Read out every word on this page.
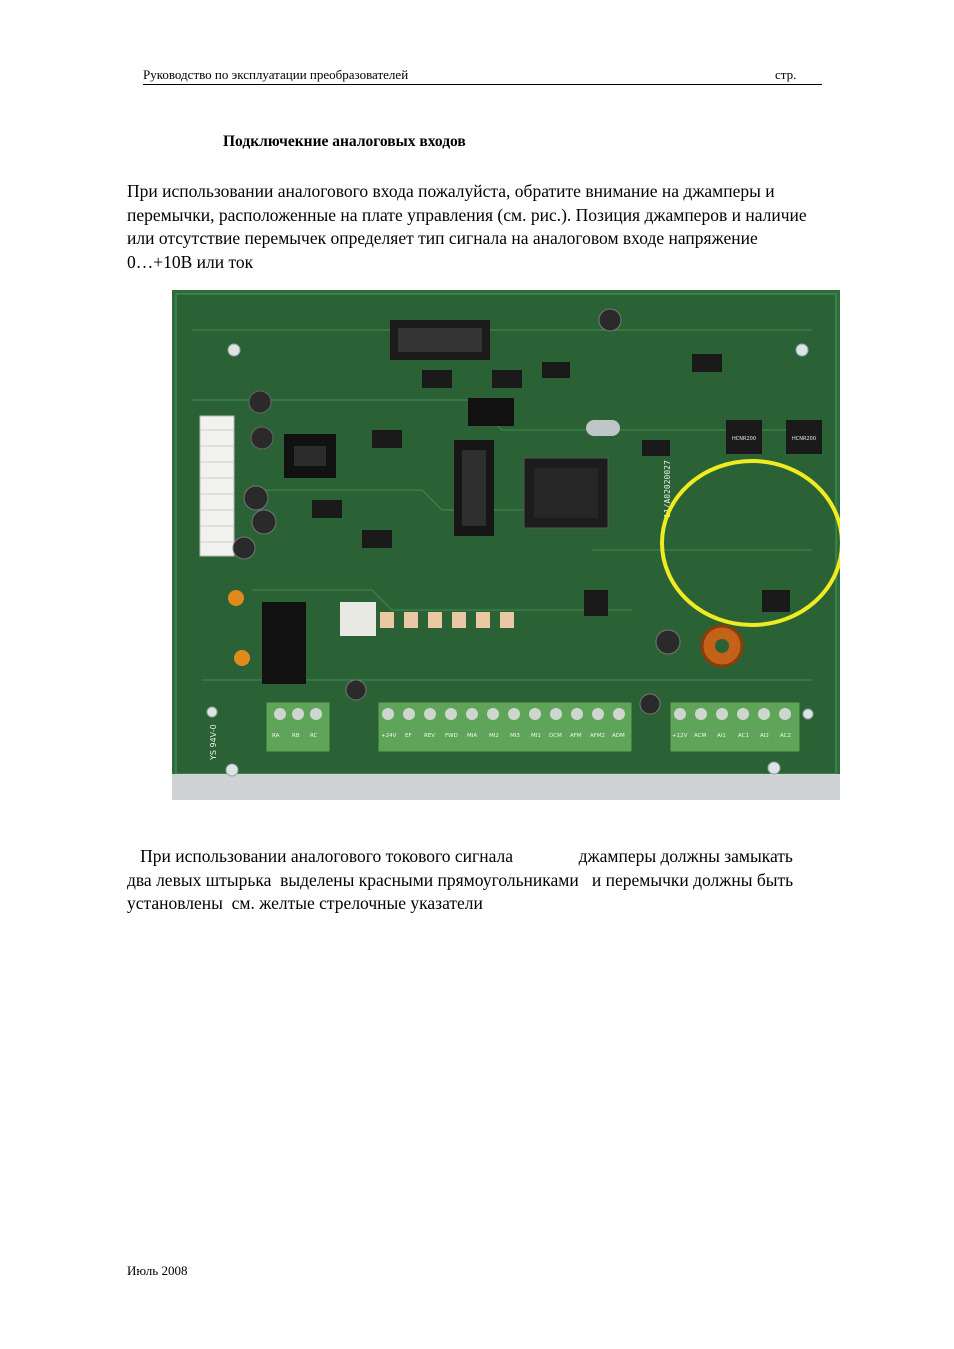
Руководство по эксплуатации преобразователей	стр.
Подключекние аналоговых входов
При использовании аналогового входа пожалуйста, обратите внимание на джамперы и
перемычки, расположенные на плате управления (см. рис.). Позиция джамперов и наличие
или отсутствие перемычек определяет тип сигнала на аналоговом входе напряжение
0…+10В или ток
RA RB RC	+24V EF REV FWD MIA MI2 MI3 MI1 DCM AFM AFM2 ADM	+12V ACM AI1 AC1 AI2 AC2
11/A02020027
HCNR200	HCNR200
YS 94V-0
При использовании аналогового токового сигнала               джамперы должны замыкать
два левых штырька  выделены красными прямоугольниками   и перемычки должны быть
установлены  см. желтые стрелочные указатели
Июль 2008
